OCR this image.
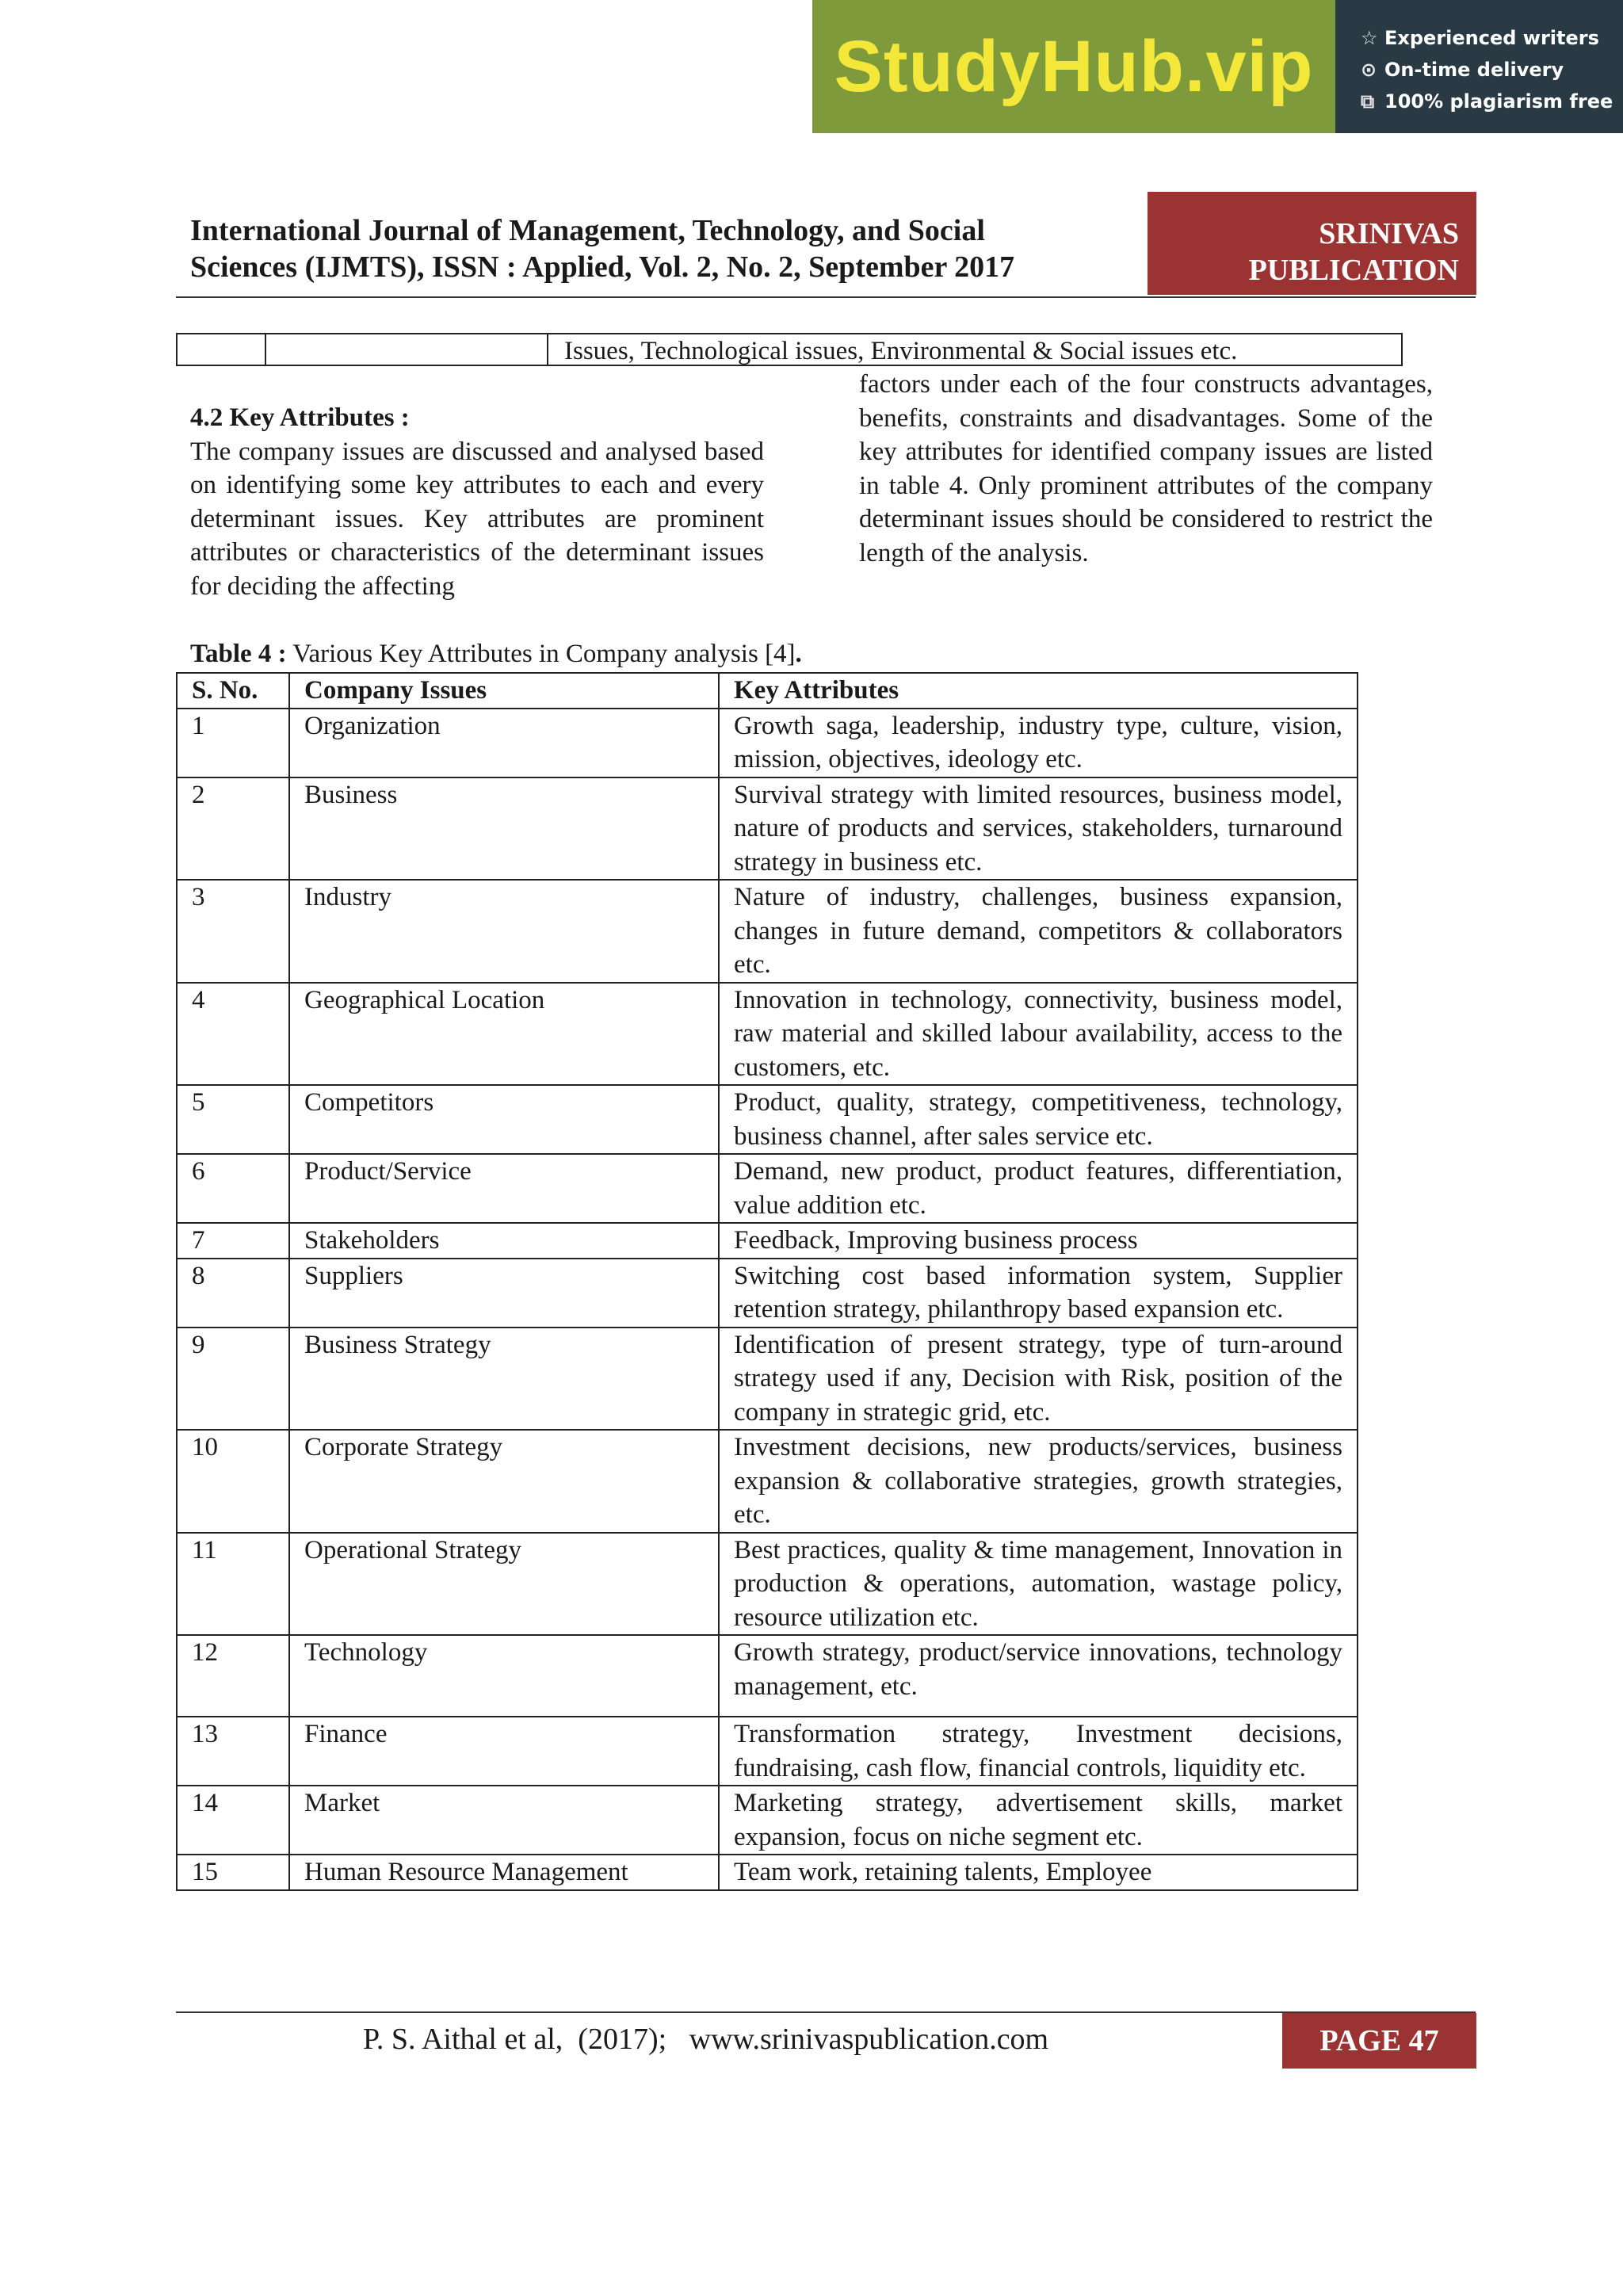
StudyHub.vip ☆ Experienced writers
⊙ On-time delivery
⧉ 100% plagiarism free
International Journal of Management, Technology, and Social
Sciences (IJMTS), ISSN : Applied, Vol. 2, No. 2, September 2017
SRINIVAS
PUBLICATION
Issues, Technological issues, Environmental & Social issues etc.
4.2 Key Attributes :
The company issues are discussed and analysed based on identifying some key attributes to each and every determinant issues. Key attributes are prominent attributes or characteristics of the determinant issues for deciding the affecting
factors under each of the four constructs advantages, benefits, constraints and disadvantages. Some of the key attributes for identified company issues are listed in table 4. Only prominent attributes of the company determinant issues should be considered to restrict the length of the analysis.
Table 4 : Various Key Attributes in Company analysis [4].
S. No.	Company Issues	Key Attributes
1	Organization	Growth saga, leadership, industry type, culture, vision, mission, objectives, ideology etc.
2	Business	Survival strategy with limited resources, business model, nature of products and services, stakeholders, turnaround strategy in business etc.
3	Industry	Nature of industry, challenges, business expansion, changes in future demand, competitors & collaborators etc.
4	Geographical Location	Innovation in technology, connectivity, business model, raw material and skilled labour availability, access to the customers, etc.
5	Competitors	Product, quality, strategy, competitiveness, technology, business channel, after sales service etc.
6	Product/Service	Demand, new product, product features, differentiation, value addition etc.
7	Stakeholders	Feedback, Improving business process
8	Suppliers	Switching cost based information system, Supplier retention strategy, philanthropy based expansion etc.
9	Business Strategy	Identification of present strategy, type of turn-around strategy used if any, Decision with Risk, position of the company in strategic grid, etc.
10	Corporate Strategy	Investment decisions, new products/services, business expansion & collaborative strategies, growth strategies, etc.
11	Operational Strategy	Best practices, quality & time management, Innovation in production & operations, automation, wastage policy, resource utilization etc.
12	Technology	Growth strategy, product/service innovations, technology management, etc.
13	Finance	Transformation strategy, Investment decisions, fundraising, cash flow, financial controls, liquidity etc.
14	Market	Marketing strategy, advertisement skills, market expansion, focus on niche segment etc.
15	Human Resource Management	Team work, retaining talents, Employee
P. S. Aithal et al,  (2017);   www.srinivaspublication.com	PAGE 47
